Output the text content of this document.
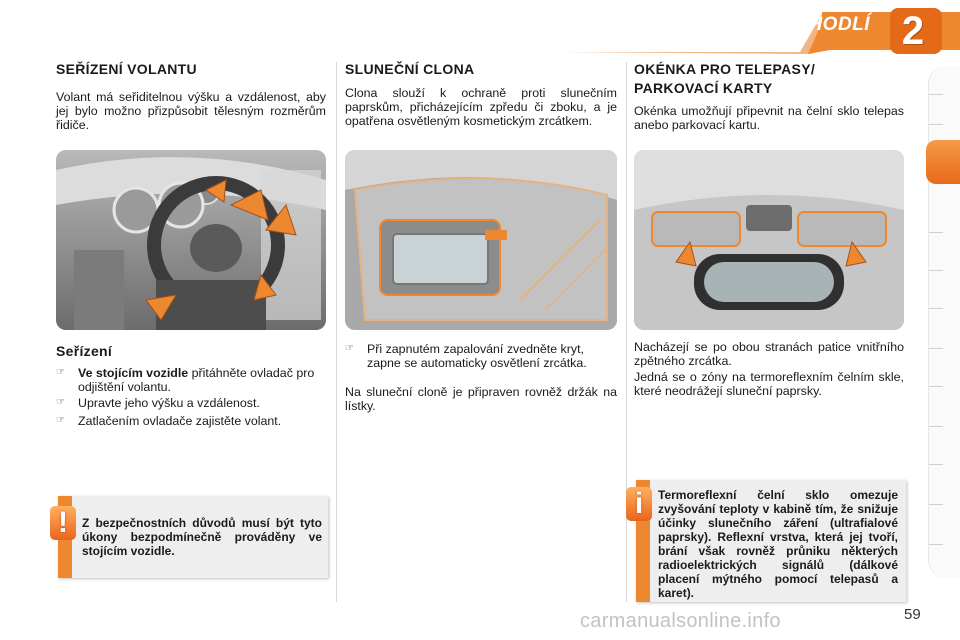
POHODLÍ 2
SEŘÍZENÍ VOLANTU

Volant má seřiditelnou výšku a vzdálenost, aby jej bylo možno přizpůsobit tělesným rozměrům řidiče.

Seřízení
☞ Ve stojícím vozidle přitáhněte ovladač pro odjištění volantu.
☞ Upravte jeho výšku a vzdálenost.
☞ Zatlačením ovladače zajistěte volant.
Z bezpečnostních důvodů musí být tyto úkony bezpodmínečně prováděny ve stojícím vozidle.
!
SLUNEČNÍ CLONA

Clona slouží k ochraně proti slunečním paprskům, přicházejícím zpředu či zboku, a je opatřena osvětleným kosmetickým zrcátkem.

☞ Při zapnutém zapalování zvedněte kryt, zapne se automaticky osvětlení zrcátka.

Na sluneční cloně je připraven rovněž držák na lístky.

OKÉNKA PRO TELEPASY/
PARKOVACÍ KARTY

Okénka umožňují připevnit na čelní sklo telepas anebo parkovací kartu.

Nacházejí se po obou stranách patice vnitřního zpětného zrcátka.

Jedná se o zóny na termoreflexním čelním skle, které neodrážejí sluneční paprsky.

Termoreflexní čelní sklo omezuje zvyšování teploty v kabině tím, že snižuje účinky slunečního záření (ultrafialové paprsky). Reflexní vrstva, která jej tvoří, brání však rovněž průniku některých radioelektrických signálů (dálkové placení mýtného pomocí telepasů a karet).
i
59
carmanualsonline.info
